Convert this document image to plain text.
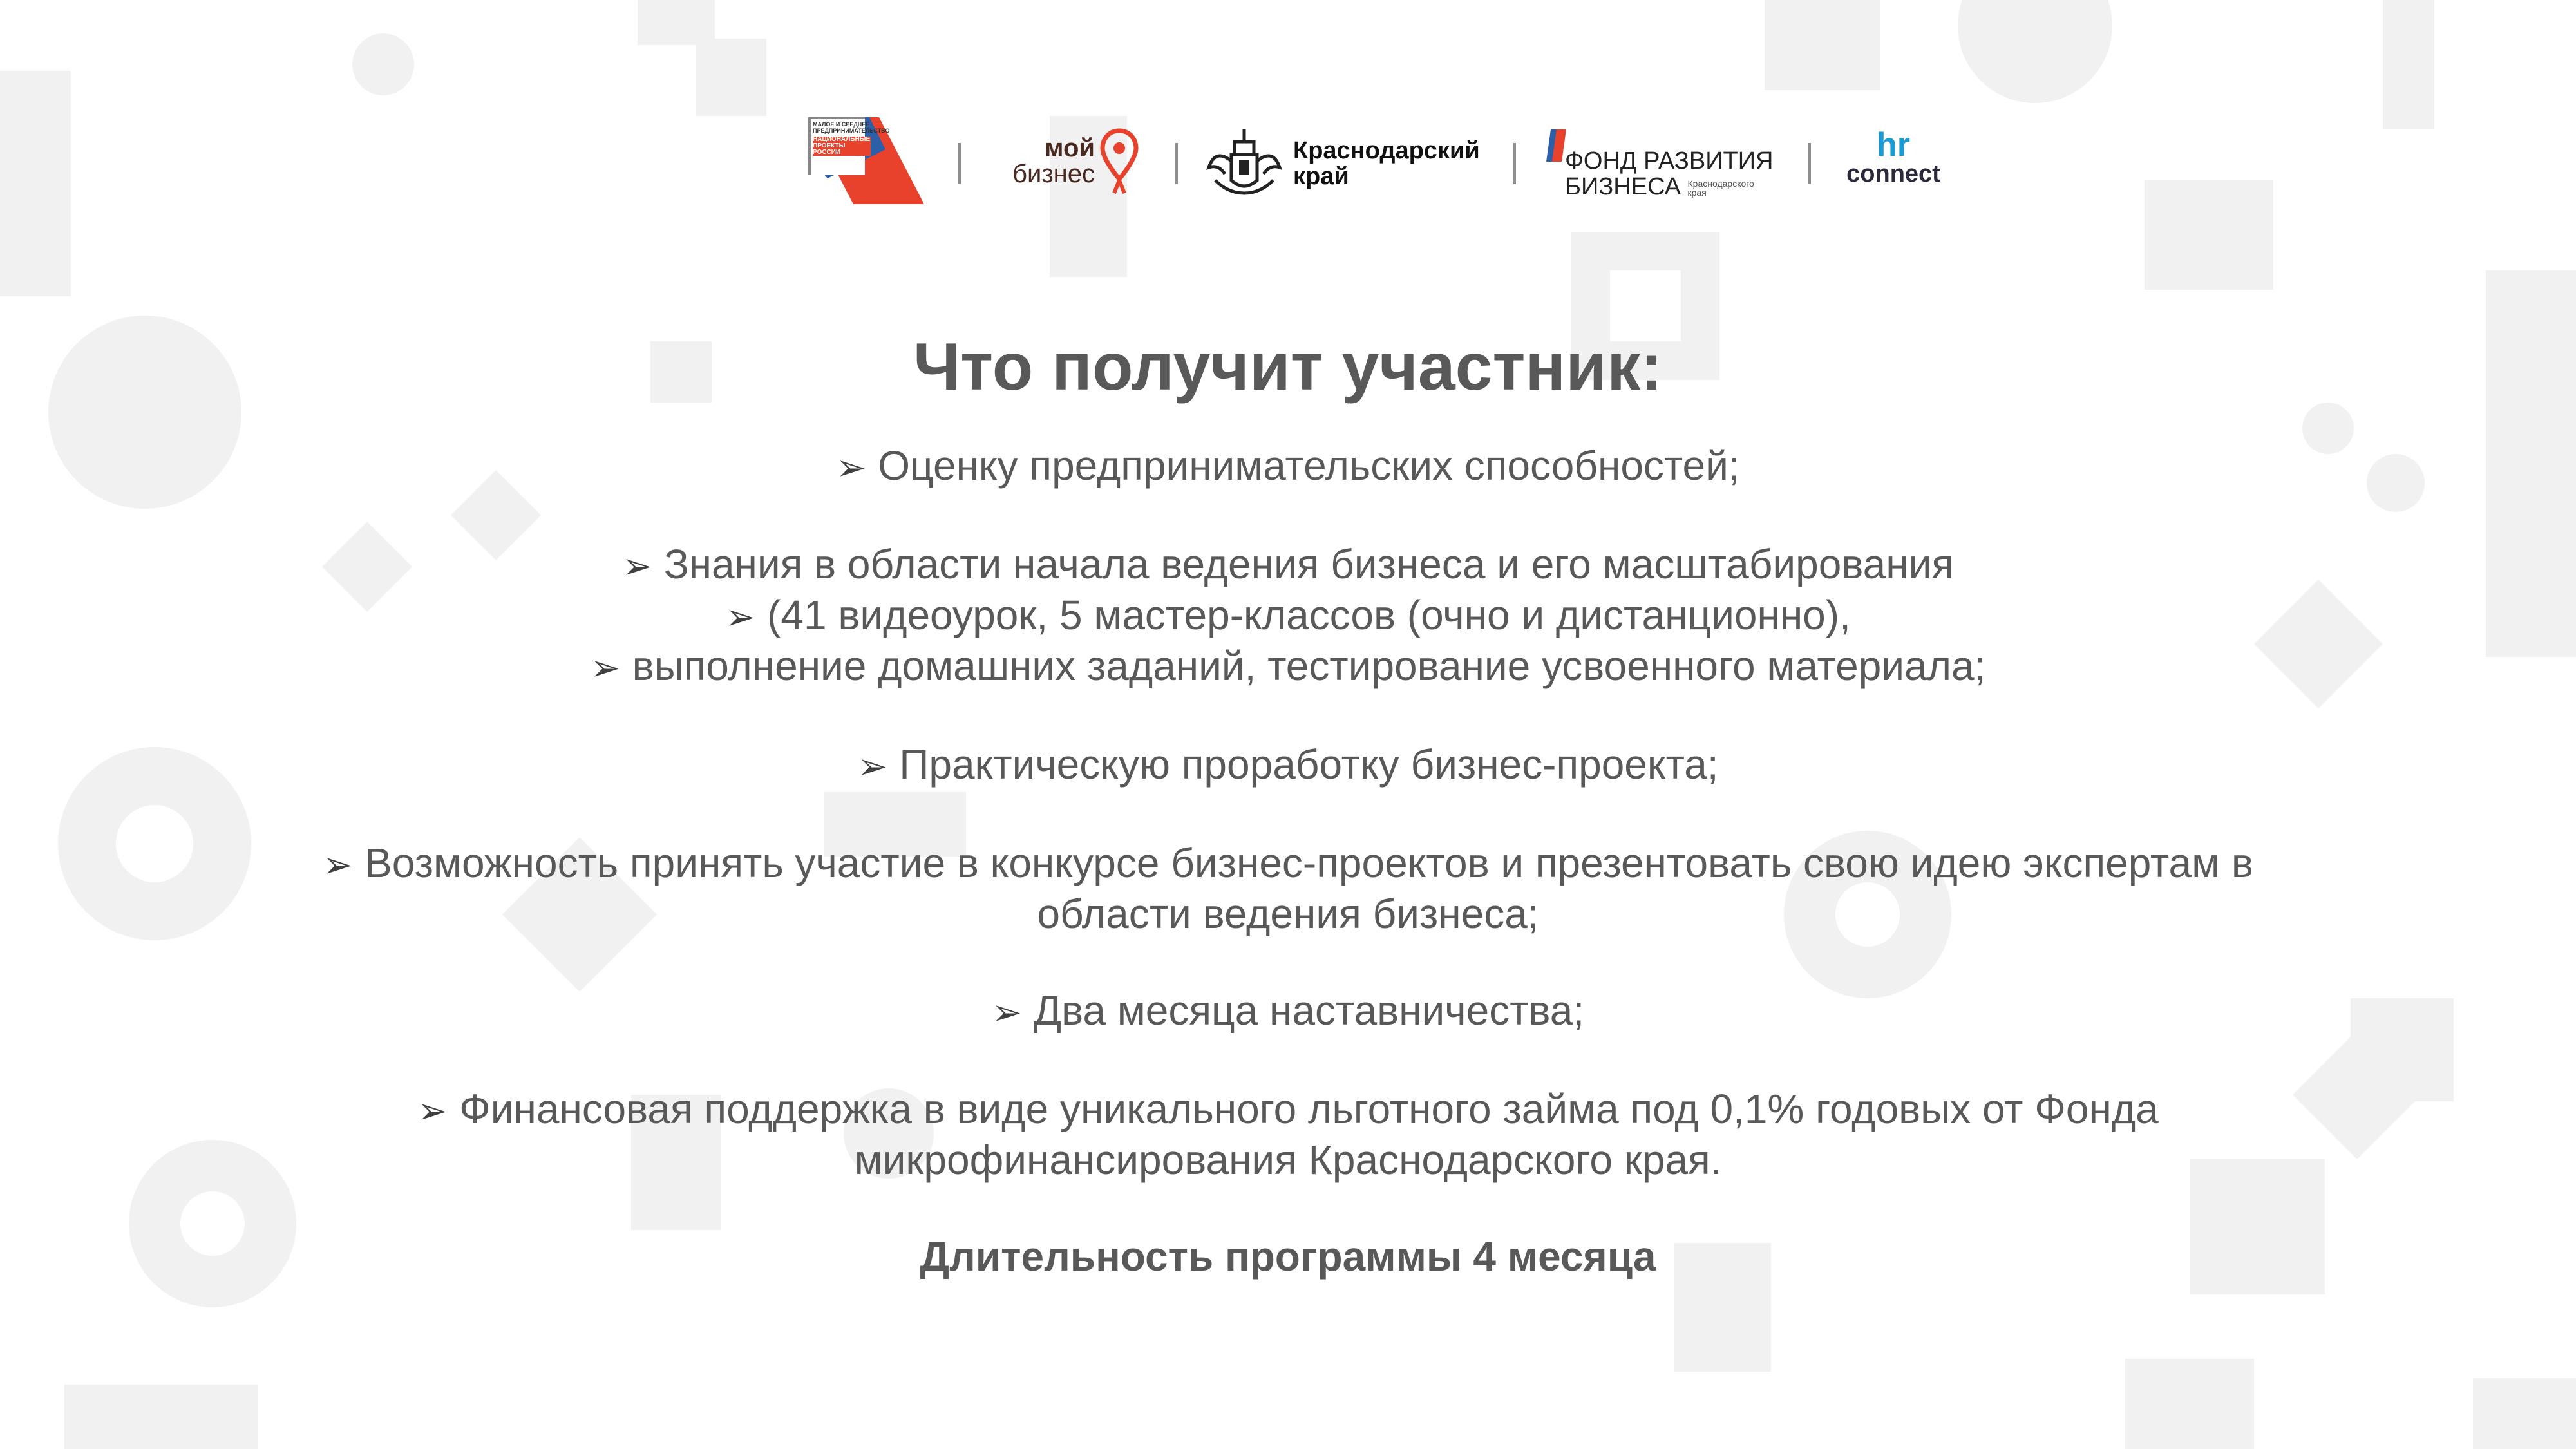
МАЛОЕ И СРЕДНЕЕ
ПРЕДПРИНИМАТЕЛЬСТВО
НАЦИОНАЛЬНЫЕ
ПРОЕКТЫ
РОССИИ	мой
бизнес
Краснодарский
край
ФОНД РАЗВИТИЯ
БИЗНЕСА Краснодарского
края
hr
connect
Что получит участник:

➢ Оценку предпринимательских способностей;

➢ Знания в области начала ведения бизнеса и его масштабирования

➢ (41 видеоурок, 5 мастер-классов (очно и дистанционно),

➢ выполнение домашних заданий, тестирование усвоенного материала;

➢ Практическую проработку бизнес-проекта;

➢ Возможность принять участие в конкурсе бизнес-проектов и презентовать свою идею экспертам в

области ведения бизнеса;

➢ Два месяца наставничества;

➢ Финансовая поддержка в виде уникального льготного займа под 0,1% годовых от Фонда

микрофинансирования Краснодарского края.

Длительность программы 4 месяца
